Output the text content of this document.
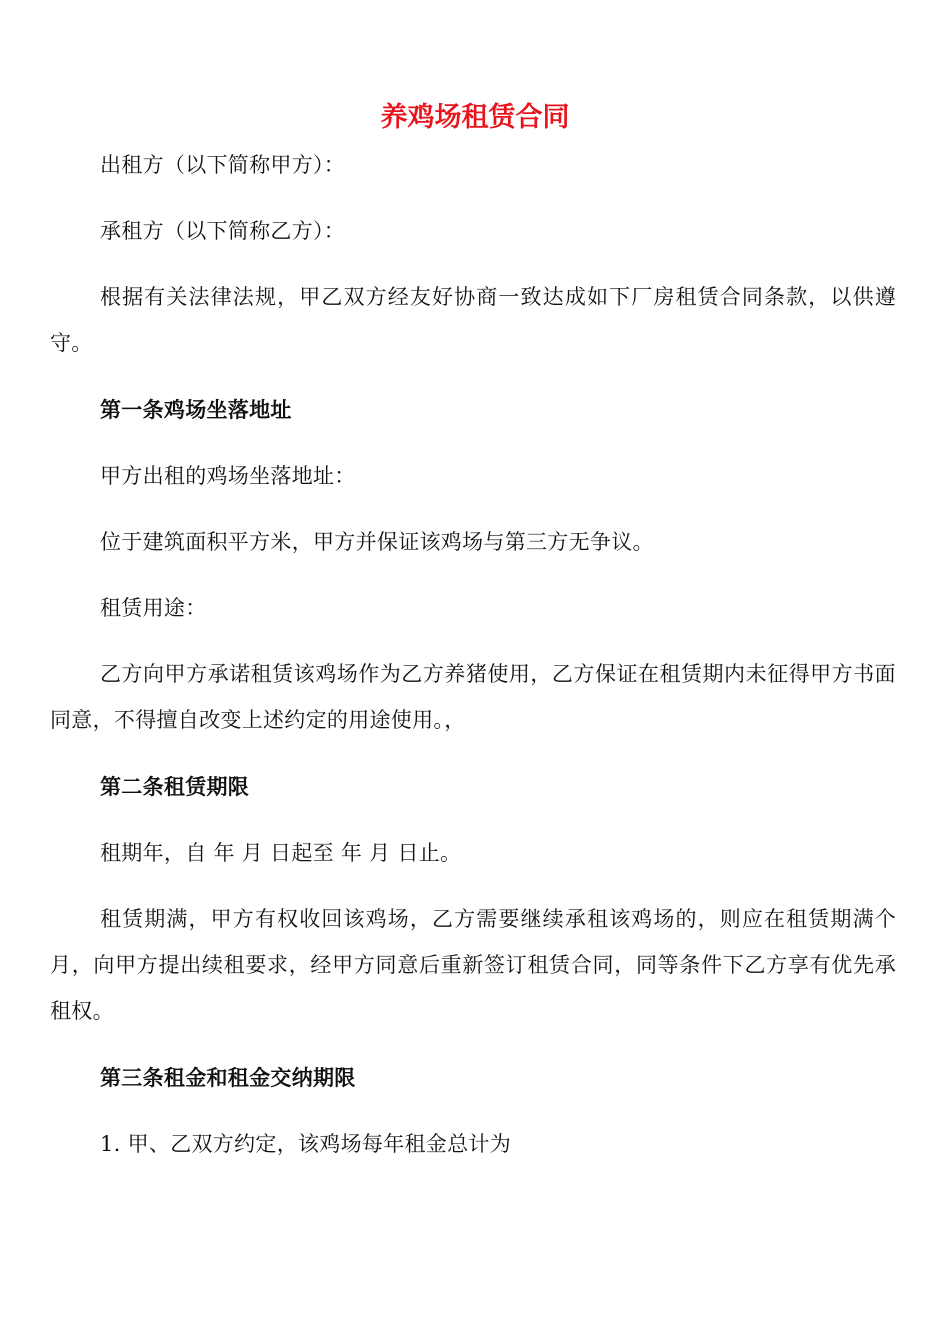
养鸡场租赁合同

出租方（以下简称甲方）：

承租方（以下简称乙方）：

根据有关法律法规，甲乙双方经友好协商一致达成如下厂房租赁合同条款，以供遵守。

第一条鸡场坐落地址

甲方出租的鸡场坐落地址：

位于建筑面积平方米，甲方并保证该鸡场与第三方无争议。

租赁用途：

乙方向甲方承诺租赁该鸡场作为乙方养猪使用，乙方保证在租赁期内未征得甲方书面同意，不得擅自改变上述约定的用途使用。，

第二条租赁期限

租期年，自 年 月 日起至 年 月 日止。

租赁期满，甲方有权收回该鸡场，乙方需要继续承租该鸡场的，则应在租赁期满个月，向甲方提出续租要求，经甲方同意后重新签订租赁合同，同等条件下乙方享有优先承租权。

第三条租金和租金交纳期限

1. 甲、乙双方约定，该鸡场每年租金总计为
